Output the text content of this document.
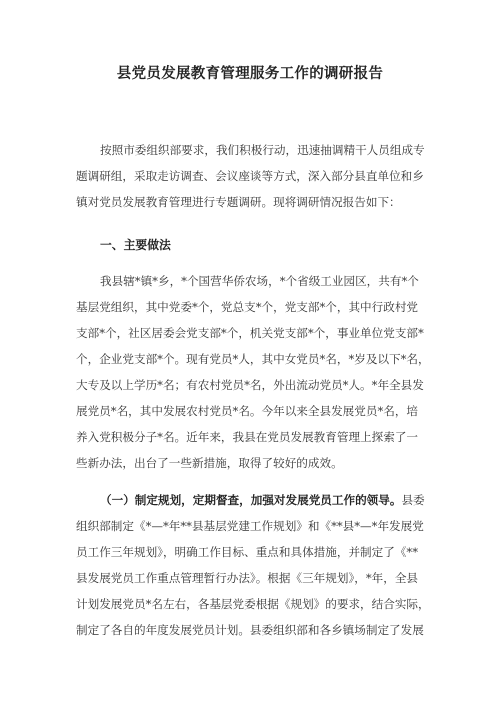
县党员发展教育管理服务工作的调研报告
按照市委组织部要求，我们积极行动，迅速抽调精干人员组成专
题调研组，采取走访调查、会议座谈等方式，深入部分县直单位和乡
镇对党员发展教育管理进行专题调研。现将调研情况报告如下：
一、主要做法
我县辖*镇*乡，*个国营华侨农场，*个省级工业园区，共有*个
基层党组织，其中党委*个，党总支*个，党支部*个，其中行政村党
支部*个，社区居委会党支部*个，机关党支部*个，事业单位党支部*
个，企业党支部*个。现有党员*人，其中女党员*名，*岁及以下*名，
大专及以上学历*名；有农村党员*名，外出流动党员*人。*年全县发
展党员*名，其中发展农村党员*名。今年以来全县发展党员*名，培
养入党积极分子*名。近年来，我县在党员发展教育管理上探索了一
些新办法，出台了一些新措施，取得了较好的成效。
（一）制定规划，定期督查，加强对发展党员工作的领导。县委
组织部制定《*—*年**县基层党建工作规划》和《**县*—*年发展党
员工作三年规划》，明确工作目标、重点和具体措施，并制定了《**
县发展党员工作重点管理暂行办法》。根据《三年规划》，*年，全县
计划发展党员*名左右，各基层党委根据《规划》的要求，结合实际，
制定了各自的年度发展党员计划。县委组织部和各乡镇场制定了发展
